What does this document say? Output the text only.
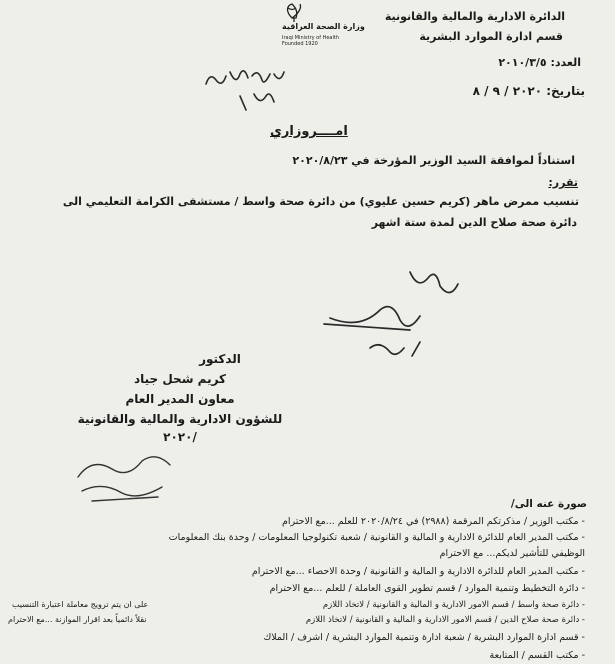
الدائرة الادارية والمالية والقانونية
قسم ادارة الموارد البشرية
العدد: ٢٠١٠/٣/٥
بتاريخ: ٢٠٢٠ / ٩ / ٨
وزارة الصحة العراقية
Iraqi Ministry of Health
Founded 1920
امــــروزاري
استناداً لموافقة السيد الوزير المؤرخة في ٢٠٢٠/٨/٢٣
تقرر:
تنسيب ممرض ماهر (كريم حسين عليوي) من دائرة صحة واسط / مستشفى الكرامة التعليمي الى
دائرة صحة صلاح الدين لمدة ستة اشهر
الدكتور
كريم شحل جياد
معاون المدير العام
للشؤون الادارية والمالية والقانونية
٢٠٢٠/
صورة عنه الى/
- مكتب الوزير / مذكرتكم المرقمة (٢٩٨٨) في ٢٠٢٠/٨/٢٤ للعلم ...مع الاحترام
- مكتب المدير العام للدائرة الادارية و المالية و القانونية / شعبة تكنولوجيا المعلومات / وحدة بنك المعلومات
الوظيفي للتأشير لديكم... مع الاحترام
- مكتب المدير العام للدائرة الادارية و المالية و القانونية / وحدة الاحصاء ...مع الاحترام
- دائرة التخطيط وتنمية الموارد / قسم تطوير القوى العاملة / للعلم ...مع الاحترام
- دائرة صحة واسط / قسم الامور الادارية و المالية و القانونية / لاتخاذ اللازم
- دائرة صحة صلاح الدين / قسم الامور الادارية و المالية و القانونية / لاتخاذ اللازم
على ان يتم ترويج معاملة اعتبارة التنسيب
نقلاً دائمياً بعد اقرار الموازنة ...مع الاحترام
- قسم ادارة الموارد البشرية / شعبة ادارة وتنمية الموارد البشرية / اشرف / الملاك
- مكتب القسم / المتابعة
